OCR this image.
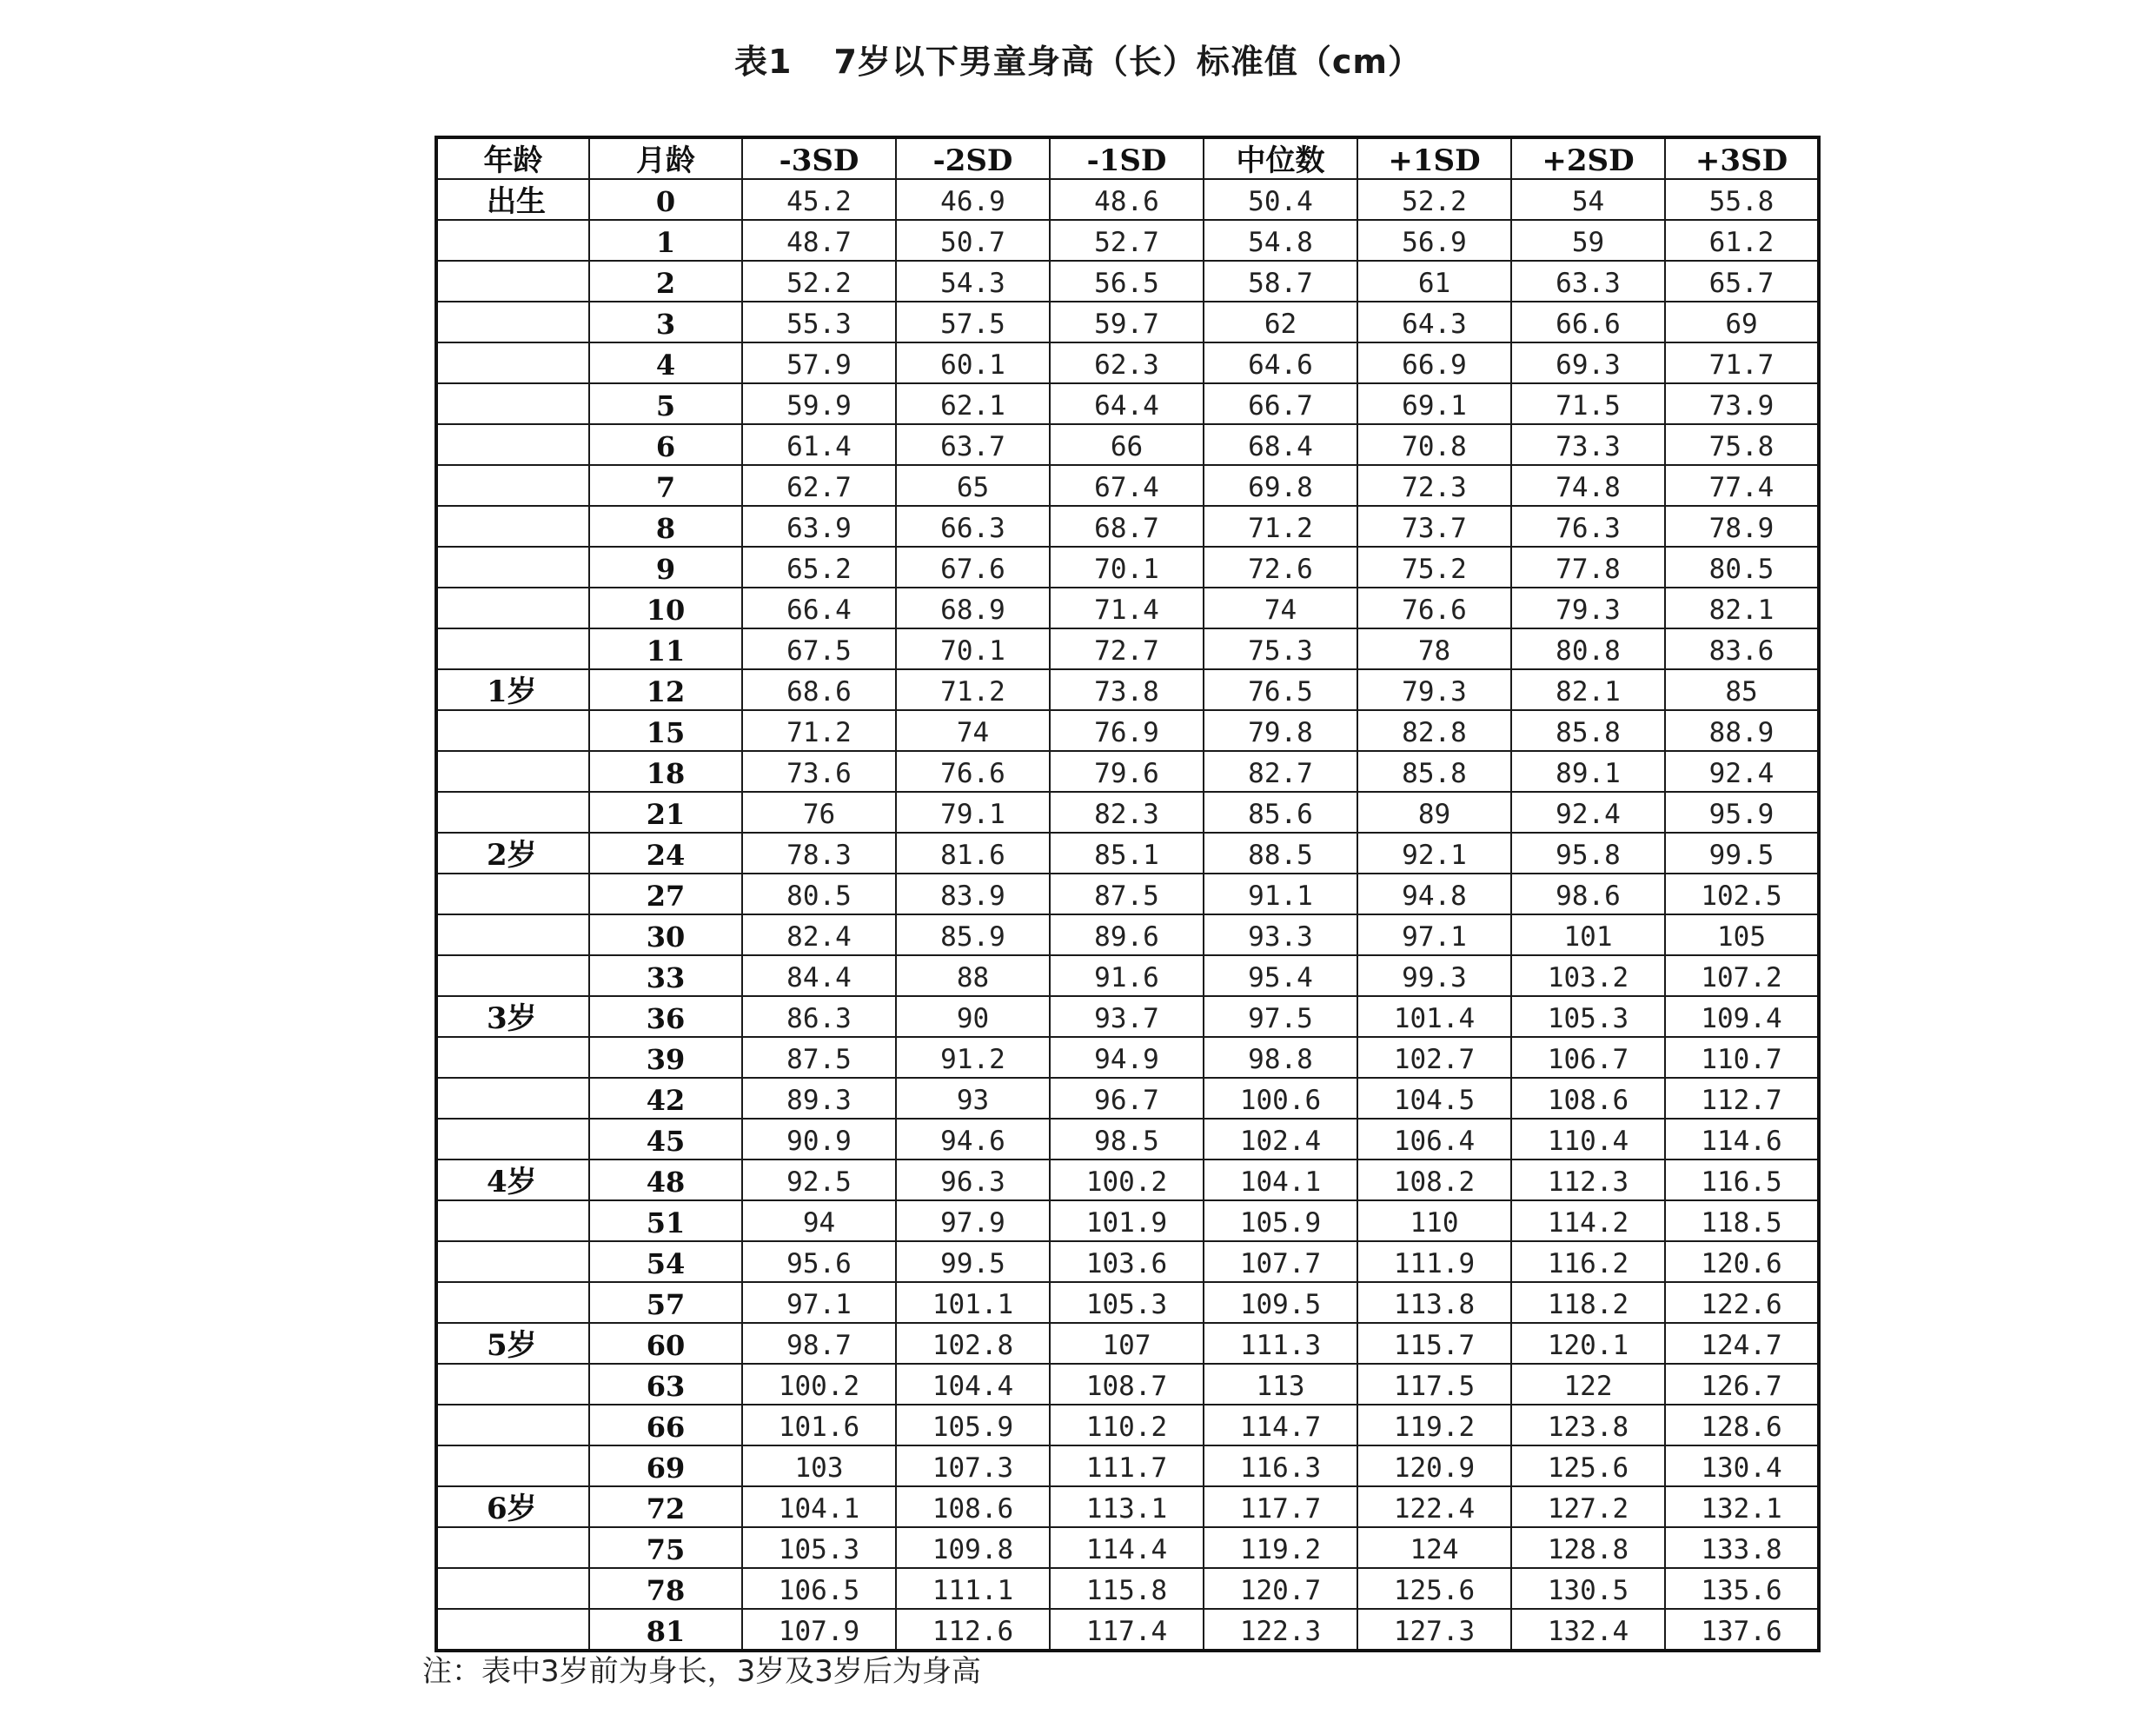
表1 7岁以下男童身高（长）标准值（cm）
年龄	月龄	-3SD	-2SD	-1SD	中位数	+1SD	+2SD	+3SD
出生	0	45.2	46.9	48.6	50.4	52.2	54	55.8
	1	48.7	50.7	52.7	54.8	56.9	59	61.2
	2	52.2	54.3	56.5	58.7	61	63.3	65.7
	3	55.3	57.5	59.7	62	64.3	66.6	69
	4	57.9	60.1	62.3	64.6	66.9	69.3	71.7
	5	59.9	62.1	64.4	66.7	69.1	71.5	73.9
	6	61.4	63.7	66	68.4	70.8	73.3	75.8
	7	62.7	65	67.4	69.8	72.3	74.8	77.4
	8	63.9	66.3	68.7	71.2	73.7	76.3	78.9
	9	65.2	67.6	70.1	72.6	75.2	77.8	80.5
	10	66.4	68.9	71.4	74	76.6	79.3	82.1
	11	67.5	70.1	72.7	75.3	78	80.8	83.6
1岁	12	68.6	71.2	73.8	76.5	79.3	82.1	85
	15	71.2	74	76.9	79.8	82.8	85.8	88.9
	18	73.6	76.6	79.6	82.7	85.8	89.1	92.4
	21	76	79.1	82.3	85.6	89	92.4	95.9
2岁	24	78.3	81.6	85.1	88.5	92.1	95.8	99.5
	27	80.5	83.9	87.5	91.1	94.8	98.6	102.5
	30	82.4	85.9	89.6	93.3	97.1	101	105
	33	84.4	88	91.6	95.4	99.3	103.2	107.2
3岁	36	86.3	90	93.7	97.5	101.4	105.3	109.4
	39	87.5	91.2	94.9	98.8	102.7	106.7	110.7
	42	89.3	93	96.7	100.6	104.5	108.6	112.7
	45	90.9	94.6	98.5	102.4	106.4	110.4	114.6
4岁	48	92.5	96.3	100.2	104.1	108.2	112.3	116.5
	51	94	97.9	101.9	105.9	110	114.2	118.5
	54	95.6	99.5	103.6	107.7	111.9	116.2	120.6
	57	97.1	101.1	105.3	109.5	113.8	118.2	122.6
5岁	60	98.7	102.8	107	111.3	115.7	120.1	124.7
	63	100.2	104.4	108.7	113	117.5	122	126.7
	66	101.6	105.9	110.2	114.7	119.2	123.8	128.6
	69	103	107.3	111.7	116.3	120.9	125.6	130.4
6岁	72	104.1	108.6	113.1	117.7	122.4	127.2	132.1
	75	105.3	109.8	114.4	119.2	124	128.8	133.8
	78	106.5	111.1	115.8	120.7	125.6	130.5	135.6
	81	107.9	112.6	117.4	122.3	127.3	132.4	137.6
注：表中3岁前为身长，3岁及3岁后为身高
